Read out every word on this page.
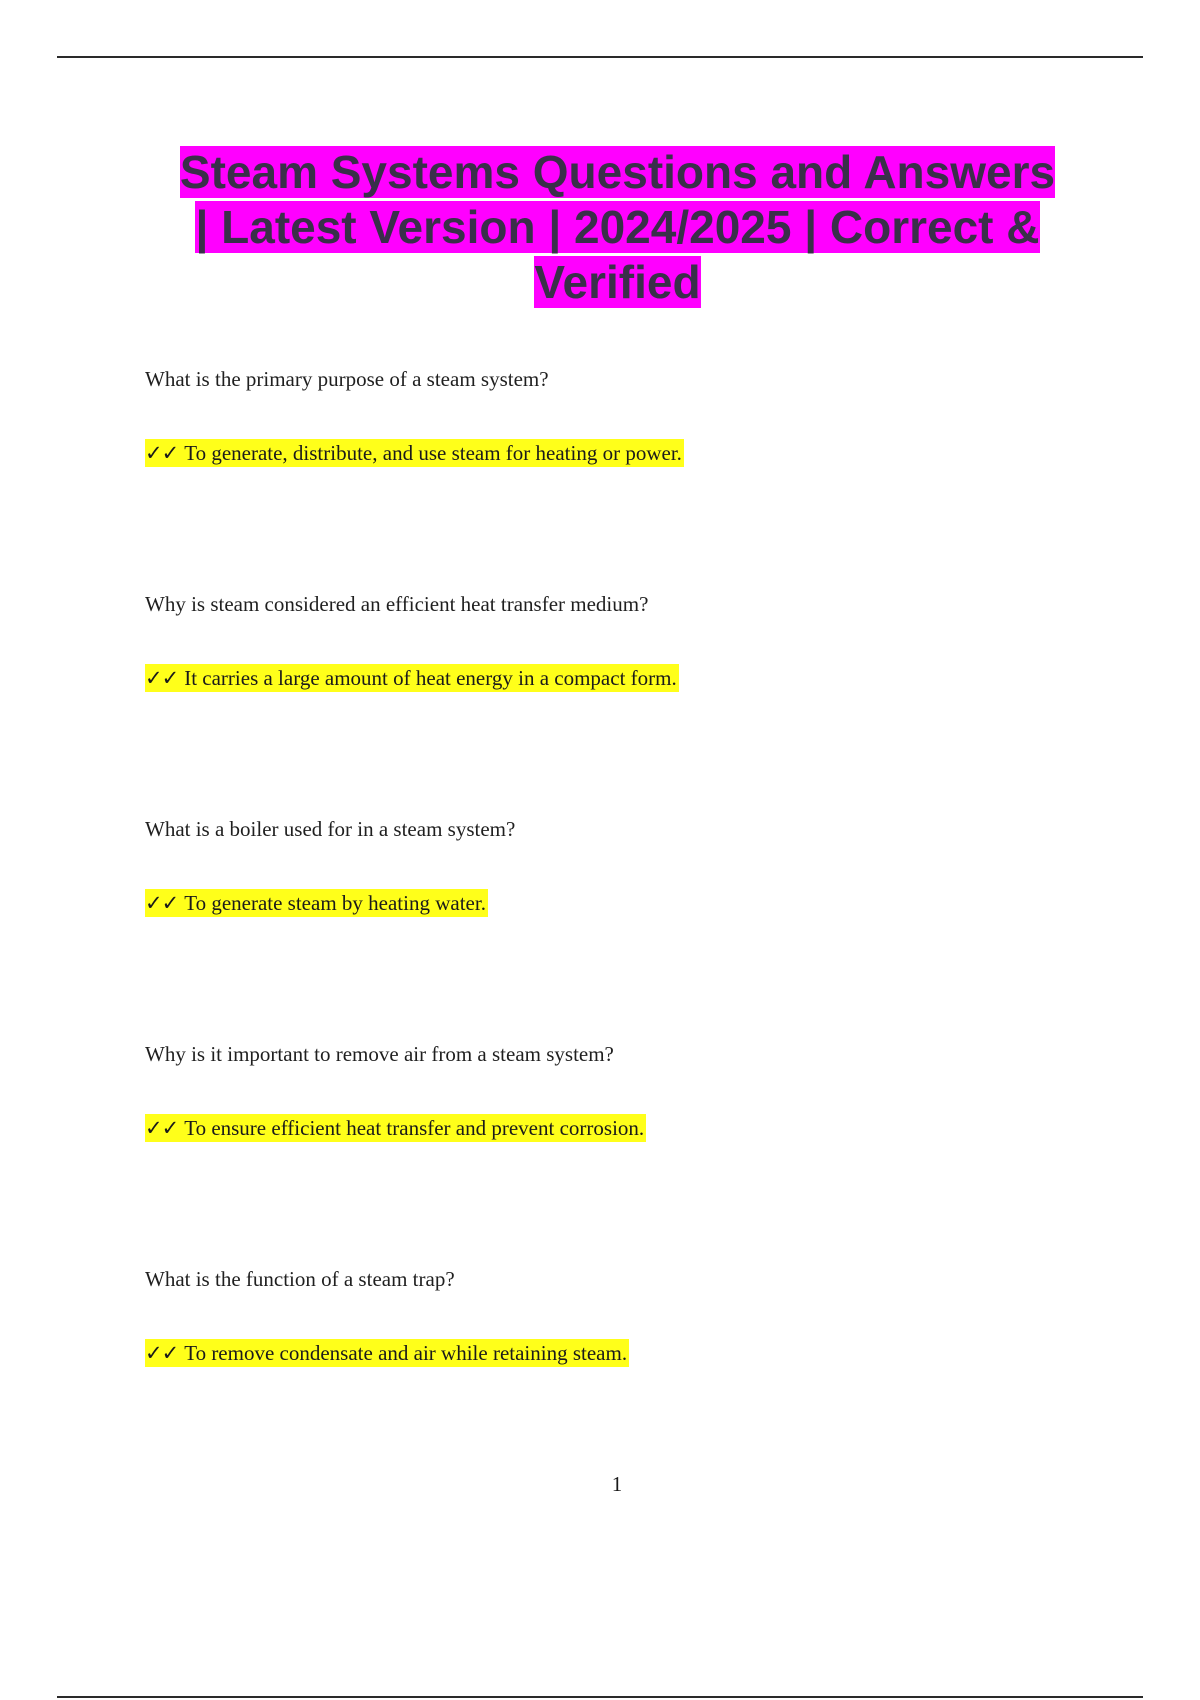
Steam Systems Questions and Answers
| Latest Version | 2024/2025 | Correct &
Verified

What is the primary purpose of a steam system?

✓✓ To generate, distribute, and use steam for heating or power.

Why is steam considered an efficient heat transfer medium?

✓✓ It carries a large amount of heat energy in a compact form.

What is a boiler used for in a steam system?

✓✓ To generate steam by heating water.

Why is it important to remove air from a steam system?

✓✓ To ensure efficient heat transfer and prevent corrosion.

What is the function of a steam trap?

✓✓ To remove condensate and air while retaining steam.
1
